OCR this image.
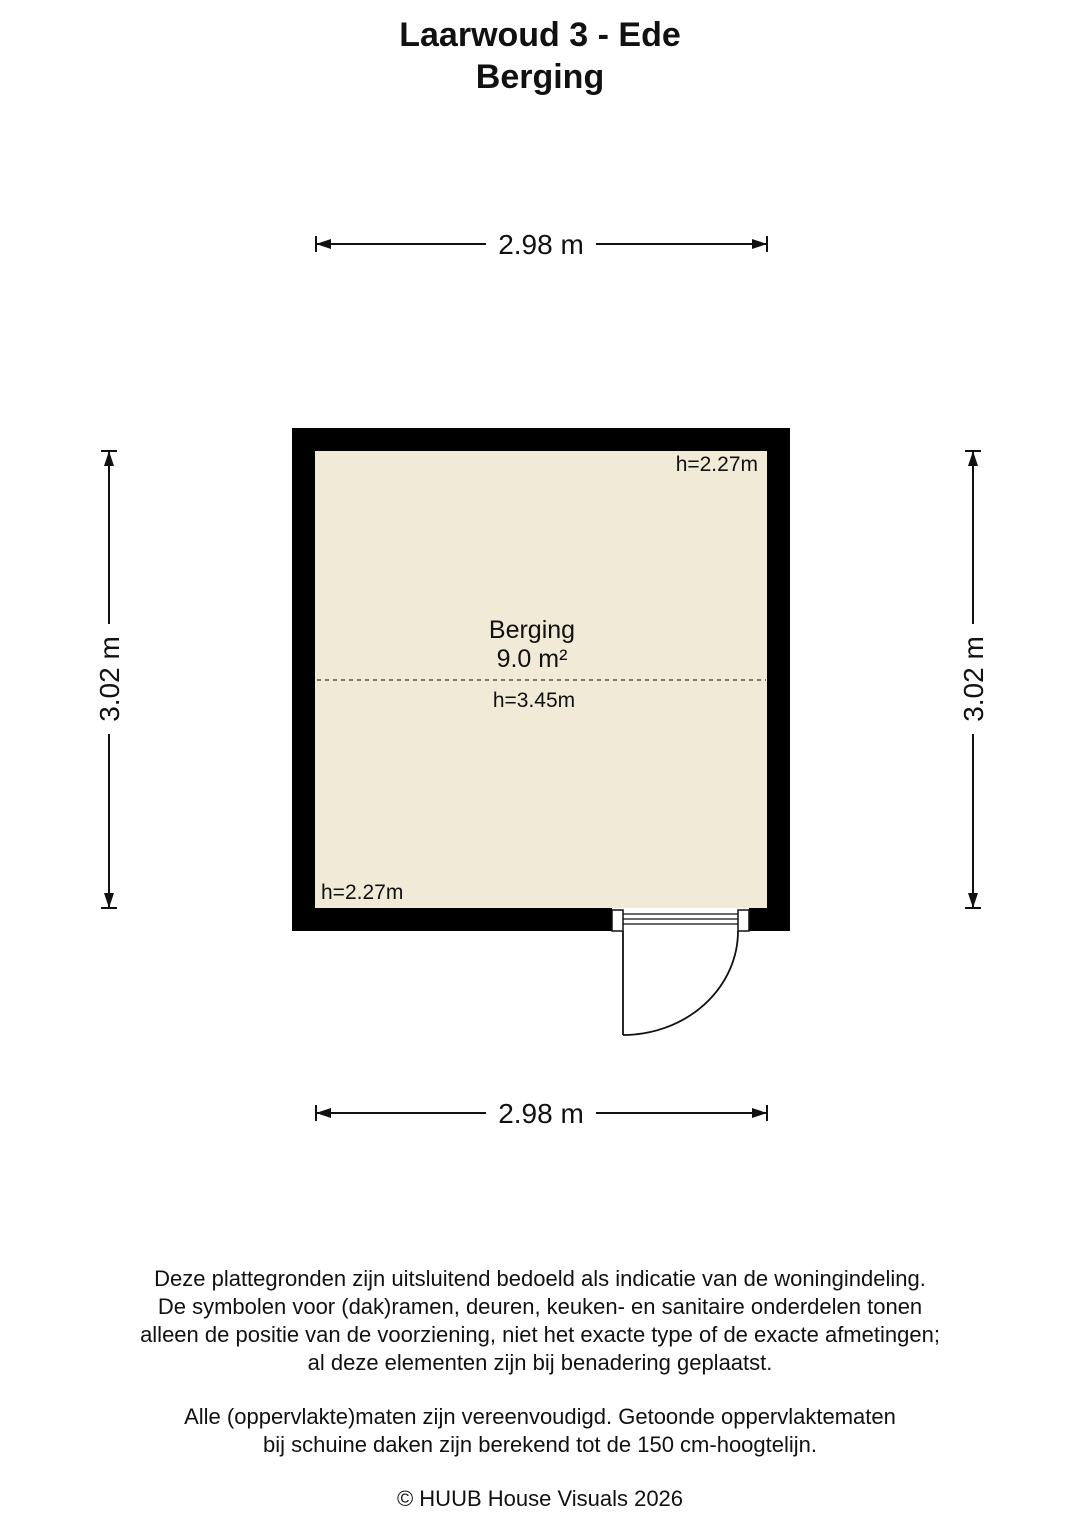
Laarwoud 3 - Ede
Berging
2.98 m
2.98 m
3.02 m	3.02 m
Berging
9.0 m²
h=3.45m
h=2.27m
h=2.27m
Deze plattegronden zijn uitsluitend bedoeld als indicatie van de woningindeling.
De symbolen voor (dak)ramen, deuren, keuken- en sanitaire onderdelen tonen
alleen de positie van de voorziening, niet het exacte type of de exacte afmetingen;
al deze elementen zijn bij benadering geplaatst.
Alle (oppervlakte)maten zijn vereenvoudigd. Getoonde oppervlaktematen
bij schuine daken zijn berekend tot de 150 cm-hoogtelijn.
© HUUB House Visuals 2026
